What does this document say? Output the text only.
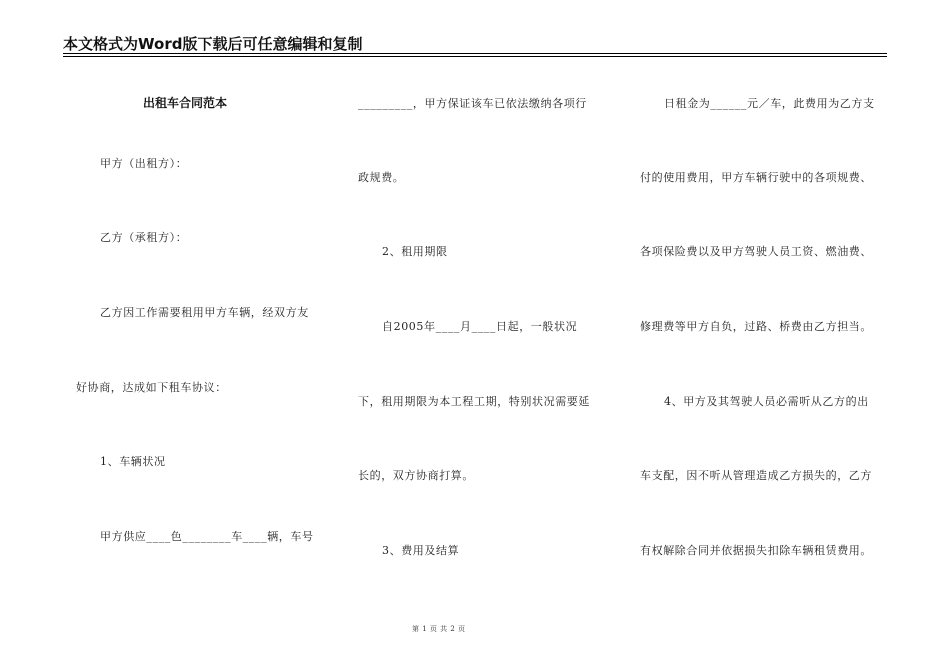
本文格式为Word版下载后可任意编辑和复制
出租车合同范本
甲方（出租方）：
乙方（承租方）：
乙方因工作需要租用甲方车辆，经双方友
好协商，达成如下租车协议：
1、车辆状况
甲方供应____色________车____辆，车号
_________，甲方保证该车已依法缴纳各项行
政规费。
2、租用期限
自2005年____月____日起，一般状况
下，租用期限为本工程工期，特别状况需要延
长的，双方协商打算。
3、费用及结算
日租金为______元／车，此费用为乙方支
付的使用费用，甲方车辆行驶中的各项规费、
各项保险费以及甲方驾驶人员工资、燃油费、
修理费等甲方自负，过路、桥费由乙方担当。
4、甲方及其驾驶人员必需听从乙方的出
车支配，因不听从管理造成乙方损失的，乙方
有权解除合同并依据损失扣除车辆租赁费用。
第 1 页 共 2 页
